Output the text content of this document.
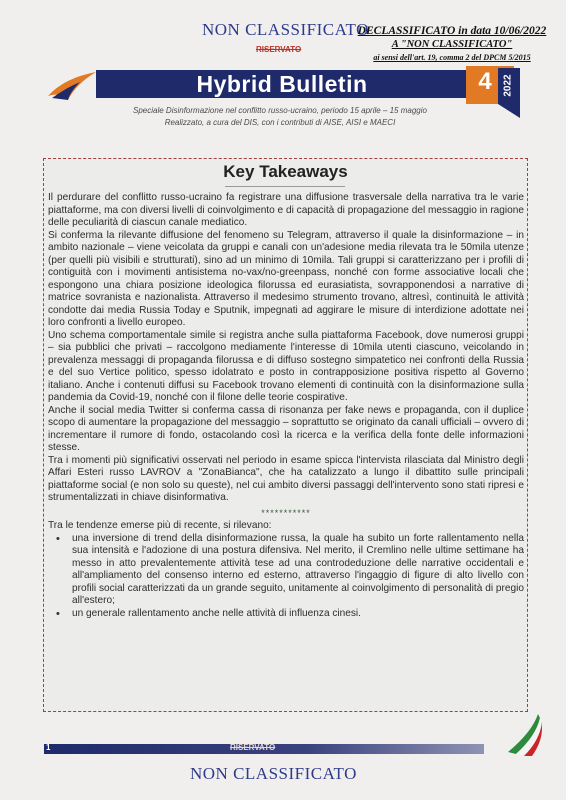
NON CLASSIFICATO
RISERVATO
DECLASSIFICATO in data 10/06/2022
A "NON CLASSIFICATO"
ai sensi dell'art. 19, comma 2 del DPCM 5/2015
Hybrid Bulletin	4	2022
Speciale Disinformazione nel conflitto russo-ucraino, periodo 15 aprile – 15 maggio
Realizzato, a cura del DIS, con i contributi di AISE, AISI e MAECI
Key Takeaways

Il perdurare del conflitto russo-ucraino fa registrare una diffusione trasversale della narrativa tra le varie piattaforme, ma con diversi livelli di coinvolgimento e di capacità di propagazione del messaggio in ragione delle peculiarità di ciascun canale mediatico.

Si conferma la rilevante diffusione del fenomeno su Telegram, attraverso il quale la disinformazione – in ambito nazionale – viene veicolata da gruppi e canali con un'adesione media rilevata tra le 50mila utenze (per quelli più visibili e strutturati), sino ad un minimo di 10mila. Tali gruppi si caratterizzano per i profili di contiguità con i movimenti antisistema no-vax/no-greenpass, nonché con forme associative locali che espongono una chiara posizione ideologica filorussa ed eurasiatista, sovrapponendosi a narrative di matrice sovranista e nazionalista. Attraverso il medesimo strumento trovano, altresì, continuità le attività condotte dai media Russia Today e Sputnik, impegnati ad aggirare le misure di interdizione adottate nei loro confronti a livello europeo.

Uno schema comportamentale simile si registra anche sulla piattaforma Facebook, dove numerosi gruppi – sia pubblici che privati – raccolgono mediamente l'interesse di 10mila utenti ciascuno, veicolando in prevalenza messaggi di propaganda filorussa e di diffuso sostegno simpatetico nei confronti della Russia e del suo Vertice politico, spesso idolatrato e posto in contrapposizione positiva rispetto al Governo italiano. Anche i contenuti diffusi su Facebook trovano elementi di continuità con la disinformazione sulla pandemia da Covid-19, nonché con il filone delle teorie cospirative.

Anche il social media Twitter si conferma cassa di risonanza per fake news e propaganda, con il duplice scopo di aumentare la propagazione del messaggio – soprattutto se originato da canali ufficiali – ovvero di incrementare il rumore di fondo, ostacolando così la ricerca e la verifica della fonte delle informazioni stesse.

Tra i momenti più significativi osservati nel periodo in esame spicca l'intervista rilasciata dal Ministro degli Affari Esteri russo LAVROV a "ZonaBianca", che ha catalizzato a lungo il dibattito sulle principali piattaforme social (e non solo su queste), nel cui ambito diversi passaggi dell'intervento sono stati ripresi e strumentalizzati in chiave disinformativa.

***********

Tra le tendenze emerse più di recente, si rilevano:

• una inversione di trend della disinformazione russa, la quale ha subito un forte rallentamento nella sua intensità e l'adozione di una postura difensiva. Nel merito, il Cremlino nelle ultime settimane ha messo in atto prevalentemente attività tese ad una controdeduzione delle narrative occidentali e all'ampliamento del consenso interno ed esterno, attraverso l'ingaggio di figure di alto livello con profili social caratterizzati da un grande seguito, unitamente al coinvolgimento di personalità di pregio all'estero;
• un generale rallentamento anche nelle attività di influenza cinesi.
1	RISERVATO
NON CLASSIFICATO
